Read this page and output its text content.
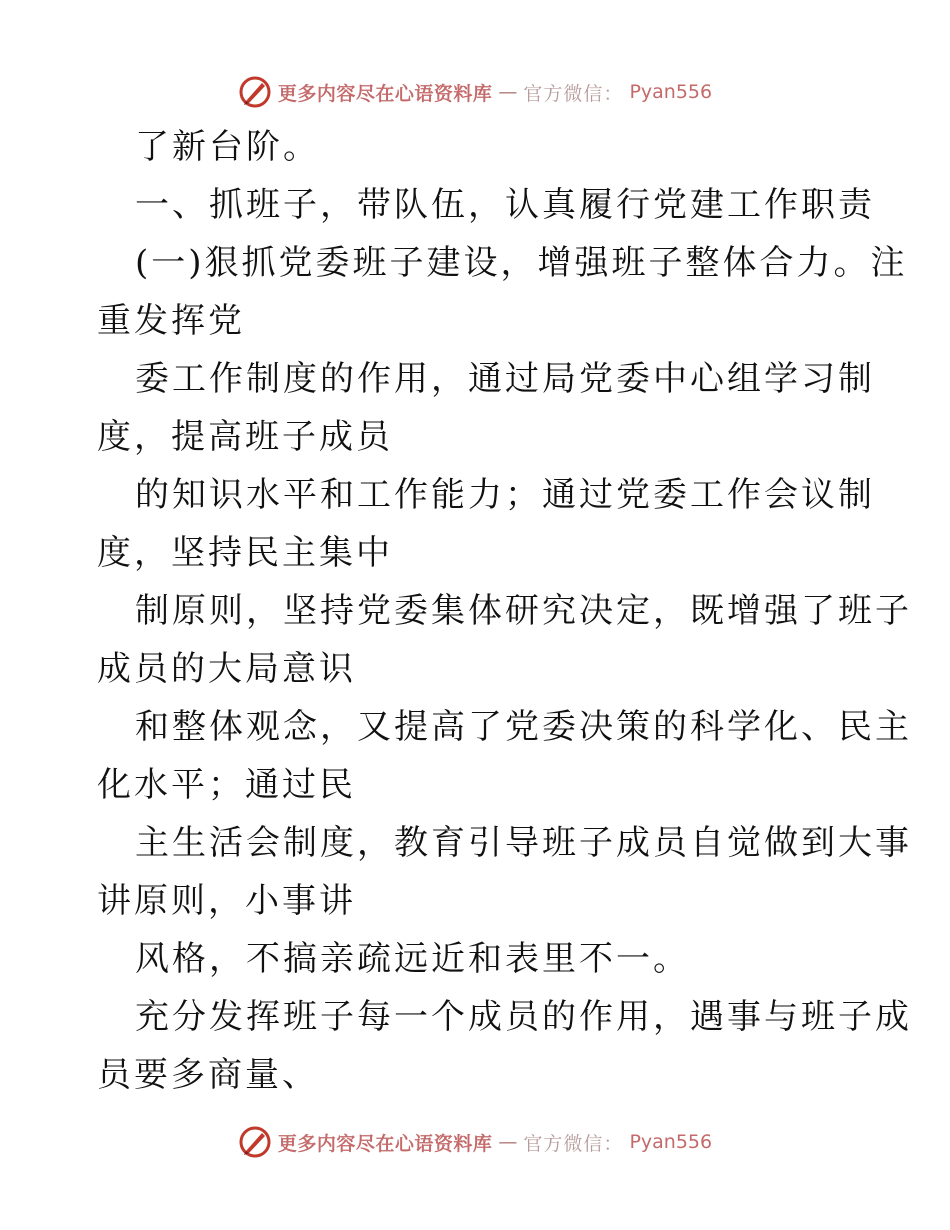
更多内容尽在心语资料库 — 官方微信： Pyan556
了新台阶。
一、抓班子，带队伍，认真履行党建工作职责
(一)狠抓党委班子建设，增强班子整体合力。注
重发挥党
委工作制度的作用，通过局党委中心组学习制
度，提高班子成员
的知识水平和工作能力；通过党委工作会议制
度，坚持民主集中
制原则，坚持党委集体研究决定，既增强了班子
成员的大局意识
和整体观念，又提高了党委决策的科学化、民主
化水平；通过民
主生活会制度，教育引导班子成员自觉做到大事
讲原则，小事讲
风格，不搞亲疏远近和表里不一。
充分发挥班子每一个成员的作用，遇事与班子成
员要多商量、
更多内容尽在心语资料库 — 官方微信： Pyan556
